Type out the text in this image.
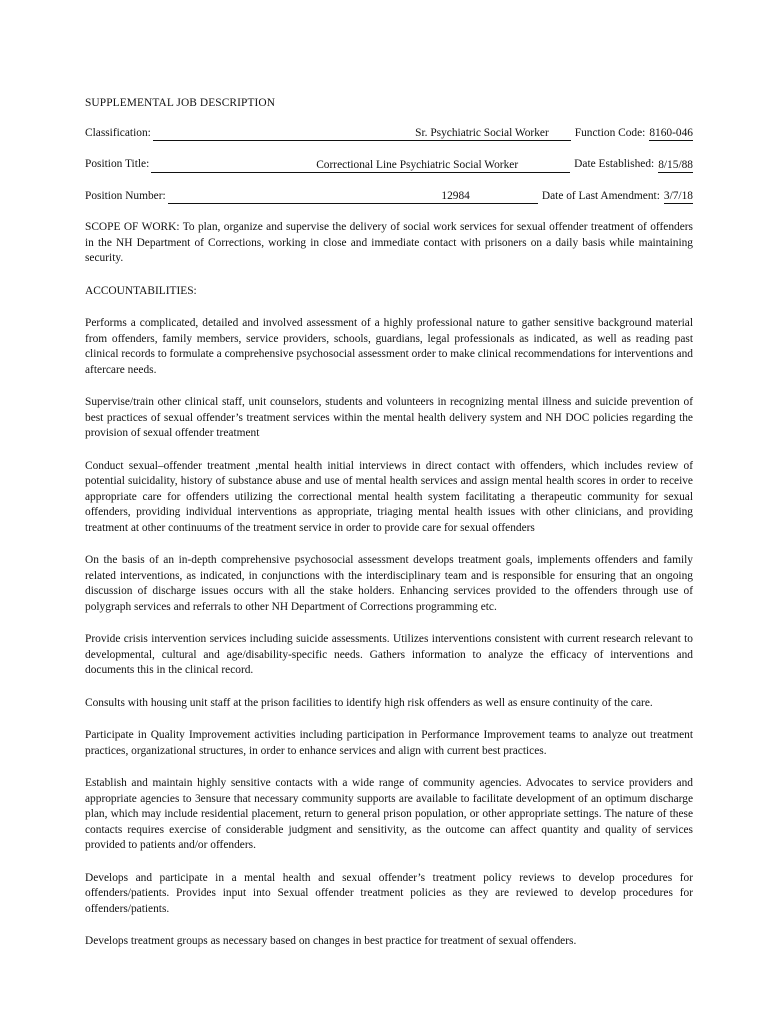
SUPPLEMENTAL JOB DESCRIPTION
Classification:	Sr. Psychiatric Social Worker	Function Code: 8160-046
Position Title:	Correctional Line Psychiatric Social Worker	Date Established: 8/15/88
Position Number:	12984	Date of Last Amendment: 3/7/18

SCOPE OF WORK: To plan, organize and supervise the delivery of social work services for sexual offender treatment of offenders in the NH Department of Corrections, working in close and immediate contact with prisoners on a daily basis while maintaining security.

ACCOUNTABILITIES:

Performs a complicated, detailed and involved assessment of a highly professional nature to gather sensitive background material from offenders, family members, service providers, schools, guardians, legal professionals as indicated, as well as reading past clinical records to formulate a comprehensive psychosocial assessment order to make clinical recommendations for interventions and aftercare needs.

Supervise/train other clinical staff, unit counselors, students and volunteers in recognizing mental illness and suicide prevention of best practices of sexual offender’s treatment services within the mental health delivery system and NH DOC policies regarding the provision of sexual offender treatment

Conduct sexual–offender treatment ,mental health initial interviews in direct contact with offenders, which includes review of potential suicidality, history of substance abuse and use of mental health services and assign mental health scores in order to receive appropriate care for offenders utilizing the correctional mental health system facilitating a therapeutic community for sexual offenders, providing individual interventions as appropriate, triaging mental health issues with other clinicians, and providing treatment at other continuums of the treatment service in order to provide care for sexual offenders

On the basis of an in-depth comprehensive psychosocial assessment develops treatment goals, implements offenders and family related interventions, as indicated, in conjunctions with the interdisciplinary team and is responsible for ensuring that an ongoing discussion of discharge issues occurs with all the stake holders. Enhancing services provided to the offenders through use of polygraph services and referrals to other NH Department of Corrections programming etc.

Provide crisis intervention services including suicide assessments. Utilizes interventions consistent with current research relevant to developmental, cultural and age/disability-specific needs. Gathers information to analyze the efficacy of interventions and documents this in the clinical record.

Consults with housing unit staff at the prison facilities to identify high risk offenders as well as ensure continuity of the care.

Participate in Quality Improvement activities including participation in Performance Improvement teams to analyze out treatment practices, organizational structures, in order to enhance services and align with current best practices.

Establish and maintain highly sensitive contacts with a wide range of community agencies. Advocates to service providers and appropriate agencies to 3ensure that necessary community supports are available to facilitate development of an optimum discharge plan, which may include residential placement, return to general prison population, or other appropriate settings. The nature of these contacts requires exercise of considerable judgment and sensitivity, as the outcome can affect quantity and quality of services provided to patients and/or offenders.

Develops and participate in a mental health and sexual offender’s treatment policy reviews to develop procedures for offenders/patients. Provides input into Sexual offender treatment policies as they are reviewed to develop procedures for offenders/patients.

Develops treatment groups as necessary based on changes in best practice for treatment of sexual offenders.
